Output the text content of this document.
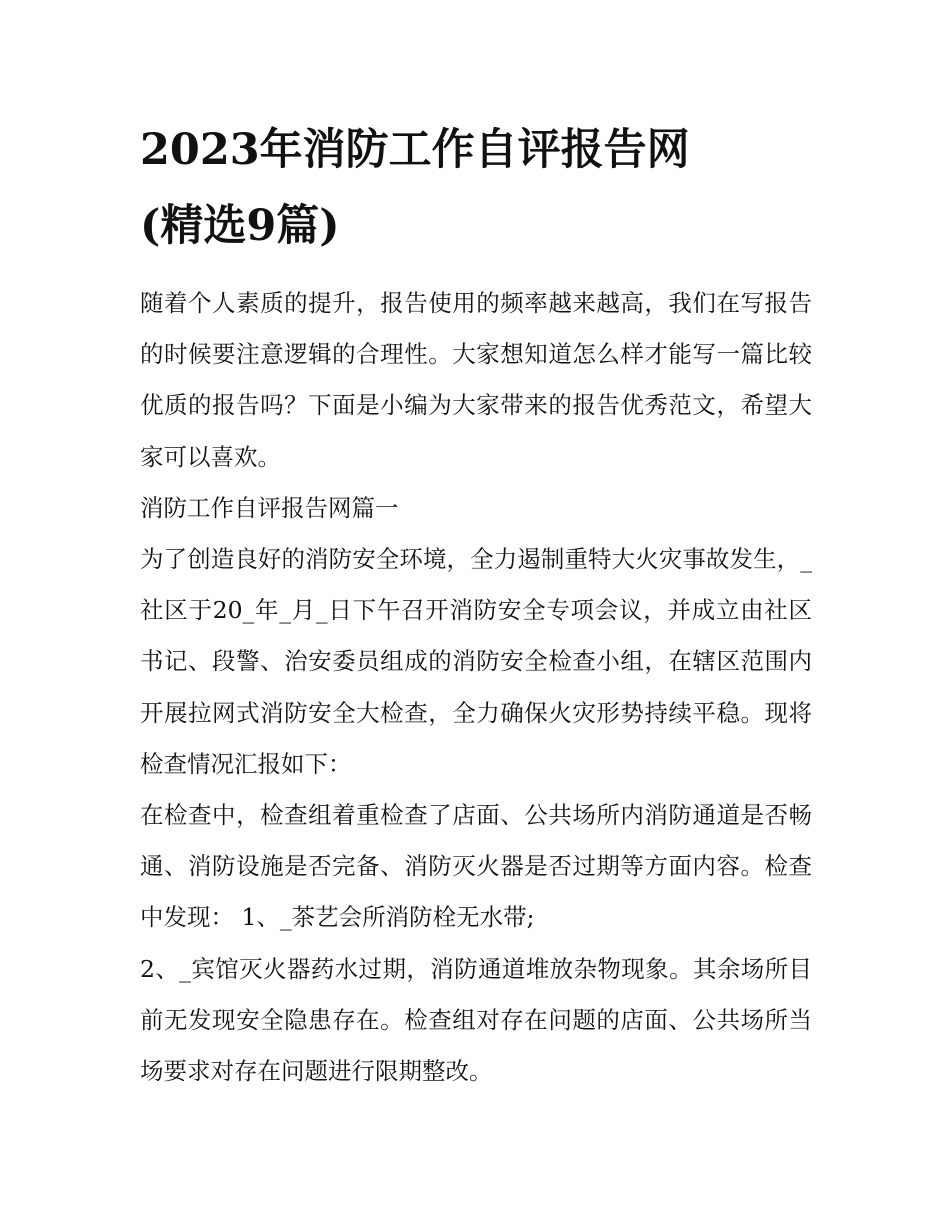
2023年消防工作自评报告网
(精选9篇)

随着个人素质的提升，报告使用的频率越来越高，我们在写报告的时候要注意逻辑的合理性。大家想知道怎么样才能写一篇比较优质的报告吗？下面是小编为大家带来的报告优秀范文，希望大家可以喜欢。

消防工作自评报告网篇一

为了创造良好的消防安全环境，全力遏制重特大火灾事故发生，_社区于20_年_月_日下午召开消防安全专项会议，并成立由社区书记、段警、治安委员组成的消防安全检查小组，在辖区范围内开展拉网式消防安全大检查，全力确保火灾形势持续平稳。现将检查情况汇报如下：

在检查中，检查组着重检查了店面、公共场所内消防通道是否畅通、消防设施是否完备、消防灭火器是否过期等方面内容。检查中发现： 1、_茶艺会所消防栓无水带;

2、_宾馆灭火器药水过期，消防通道堆放杂物现象。其余场所目前无发现安全隐患存在。检查组对存在问题的店面、公共场所当场要求对存在问题进行限期整改。
